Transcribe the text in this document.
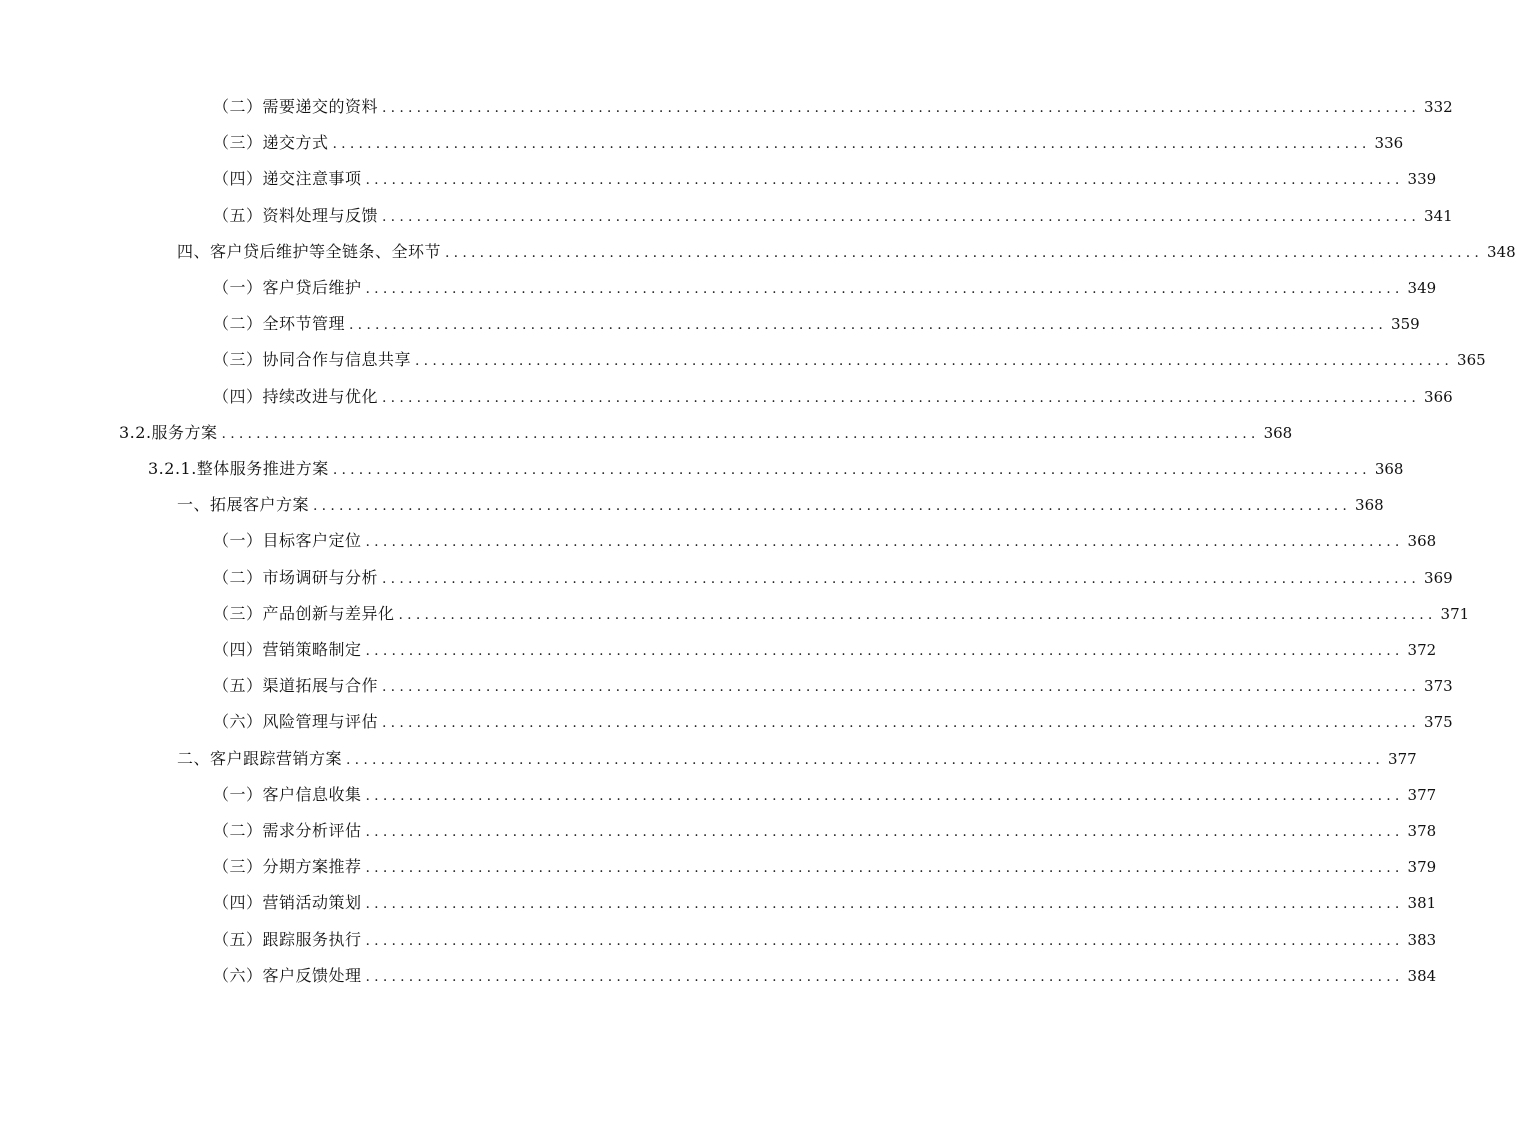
（二）需要递交的资料 ........................................................................................................................ 332
（三）递交方式 ........................................................................................................................ 336
（四）递交注意事项 ........................................................................................................................ 339
（五）资料处理与反馈 ........................................................................................................................ 341
四、客户贷后维护等全链条、全环节 ........................................................................................................................ 348
（一）客户贷后维护 ........................................................................................................................ 349
（二）全环节管理 ........................................................................................................................ 359
（三）协同合作与信息共享 ........................................................................................................................ 365
（四）持续改进与优化 ........................................................................................................................ 366
3.2.服务方案 ........................................................................................................................ 368
3.2.1.整体服务推进方案 ........................................................................................................................ 368
一、拓展客户方案 ........................................................................................................................ 368
（一）目标客户定位 ........................................................................................................................ 368
（二）市场调研与分析 ........................................................................................................................ 369
（三）产品创新与差异化 ........................................................................................................................ 371
（四）营销策略制定 ........................................................................................................................ 372
（五）渠道拓展与合作 ........................................................................................................................ 373
（六）风险管理与评估 ........................................................................................................................ 375
二、客户跟踪营销方案 ........................................................................................................................ 377
（一）客户信息收集 ........................................................................................................................ 377
（二）需求分析评估 ........................................................................................................................ 378
（三）分期方案推荐 ........................................................................................................................ 379
（四）营销活动策划 ........................................................................................................................ 381
（五）跟踪服务执行 ........................................................................................................................ 383
（六）客户反馈处理 ........................................................................................................................ 384
